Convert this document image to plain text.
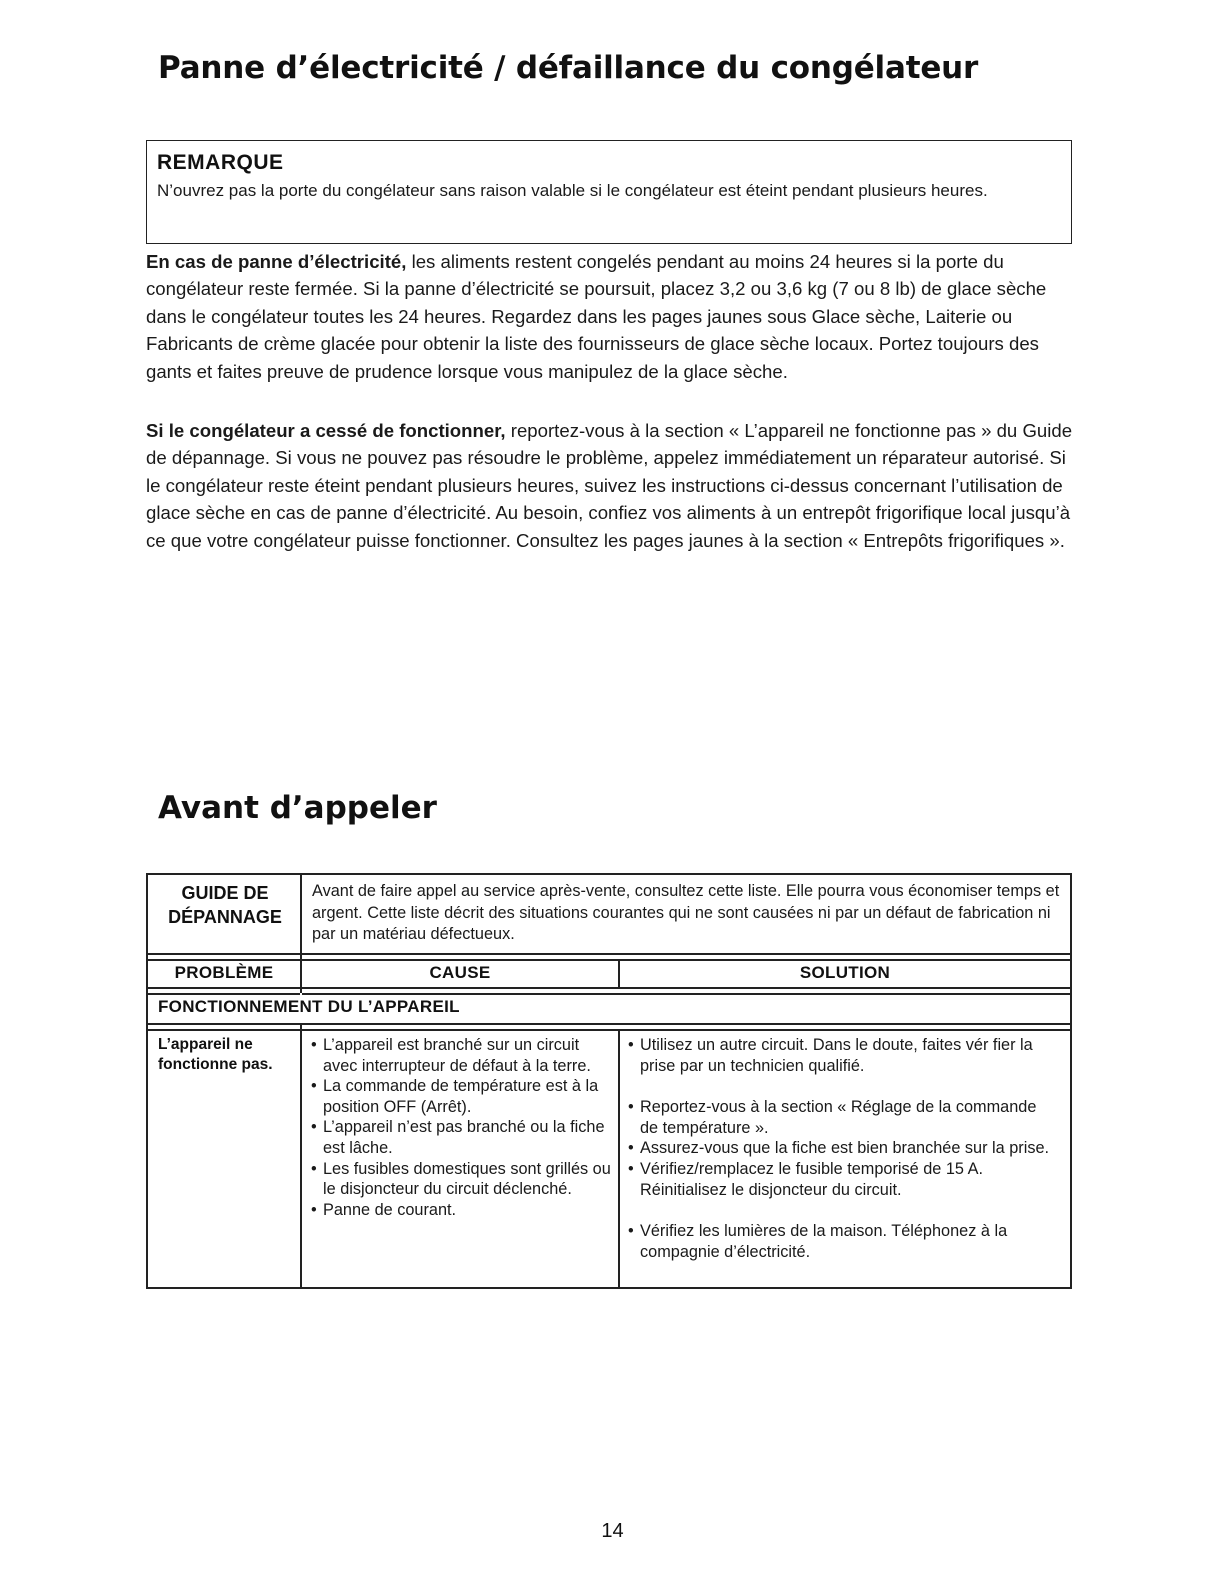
Panne d’électricité / défaillance du congélateur
REMARQUE
N’ouvrez pas la porte du congélateur sans raison valable si le congélateur est éteint pendant plusieurs heures.

En cas de panne d’électricité, les aliments restent congelés pendant au moins 24 heures si la porte du congélateur reste fermée. Si la panne d’électricité se poursuit, placez 3,2 ou 3,6 kg (7 ou 8 lb) de glace sèche dans le congélateur toutes les 24 heures. Regardez dans les pages jaunes sous Glace sèche, Laiterie ou Fabricants de crème glacée pour obtenir la liste des fournisseurs de glace sèche locaux. Portez toujours des gants et faites preuve de prudence lorsque vous manipulez de la glace sèche.

Si le congélateur a cessé de fonctionner, reportez-vous à la section « L’appareil ne fonctionne pas » du Guide de dépannage. Si vous ne pouvez pas résoudre le problème, appelez immédiatement un réparateur autorisé. Si le congélateur reste éteint pendant plusieurs heures, suivez les instructions ci-dessus concernant l’utilisation de glace sèche en cas de panne d’électricité. Au besoin, confiez vos aliments à un entrepôt frigorifique local jusqu’à ce que votre congélateur puisse fonctionner. Consultez les pages jaunes à la section « Entrepôts frigorifiques ».

Avant d’appeler
GUIDE DE
DÉPANNAGE
Avant de faire appel au service après-vente, consultez cette liste. Elle pourra vous économiser temps et argent. Cette liste décrit des situations courantes qui ne sont causées ni par un défaut de fabrication ni par un matériau défectueux.
PROBLÈME	CAUSE	SOLUTION
FONCTIONNEMENT DU L’APPAREIL
L’appareil ne
fonctionne pas.
• L’appareil est branché sur un circuit avec interrupteur de défaut à la terre.
• La commande de température est à la position OFF (Arrêt).
• L’appareil n’est pas branché ou la fiche est lâche.
• Les fusibles domestiques sont grillés ou le disjoncteur du circuit déclenché.
• Panne de courant.
• Utilisez un autre circuit. Dans le doute, faites vér fier la prise par un technicien qualifié.
• Reportez-vous à la section « Réglage de la commande de température ».
• Assurez-vous que la fiche est bien branchée sur la prise.
• Vérifiez/remplacez le fusible temporisé de 15 A. Réinitialisez le disjoncteur du circuit.
• Vérifiez les lumières de la maison. Téléphonez à la compagnie d’électricité.
14
